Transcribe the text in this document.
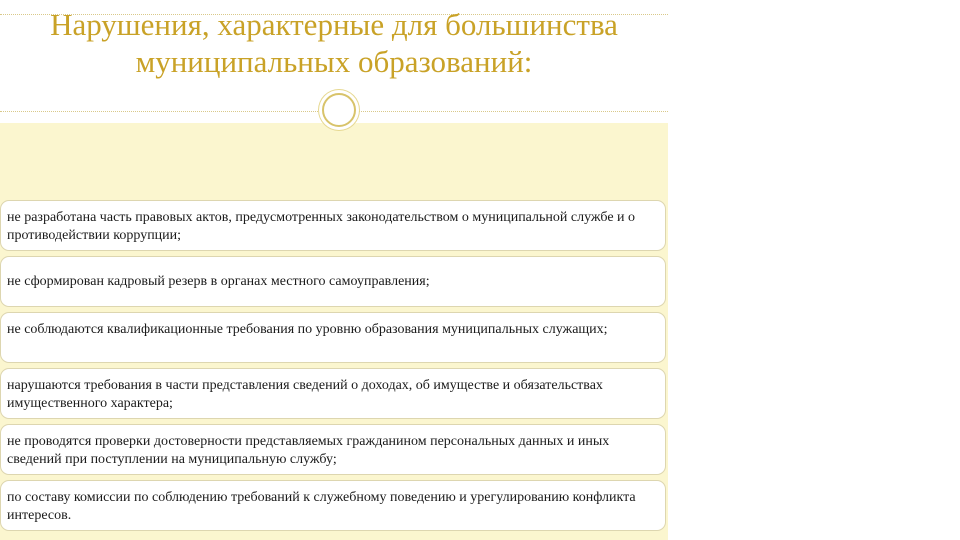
Нарушения, характерные для большинства муниципальных образований:
не разработана часть правовых актов, предусмотренных законодательством о муниципальной службе и о противодействии коррупции;
не сформирован кадровый резерв в органах местного самоуправления;
не соблюдаются квалификационные требования по уровню образования муниципальных служащих;
нарушаются требования в части представления сведений о доходах, об имуществе и обязательствах имущественного характера;
не проводятся проверки достоверности представляемых гражданином персональных данных и иных сведений при поступлении на муниципальную службу;
по составу комиссии по соблюдению требований к служебному поведению и урегулированию конфликта интересов.
